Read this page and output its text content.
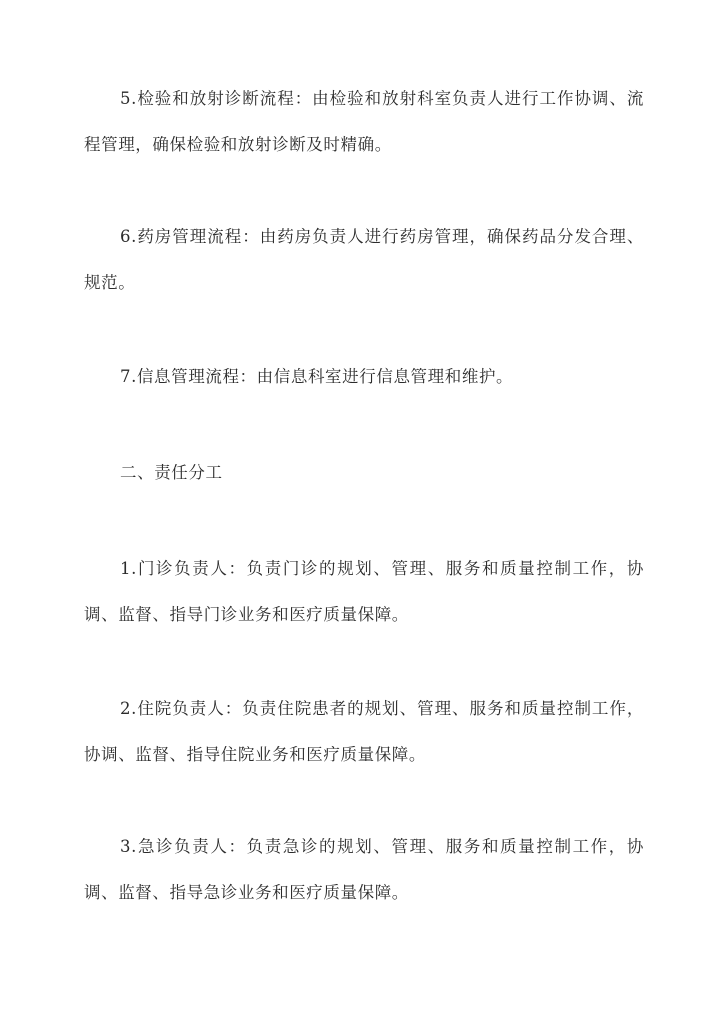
5.检验和放射诊断流程：由检验和放射科室负责人进行工作协调、流程管理，确保检验和放射诊断及时精确。

6.药房管理流程：由药房负责人进行药房管理，确保药品分发合理、规范。

7.信息管理流程：由信息科室进行信息管理和维护。

二、责任分工

1.门诊负责人：负责门诊的规划、管理、服务和质量控制工作，协调、监督、指导门诊业务和医疗质量保障。

2.住院负责人：负责住院患者的规划、管理、服务和质量控制工作，协调、监督、指导住院业务和医疗质量保障。

3.急诊负责人：负责急诊的规划、管理、服务和质量控制工作，协调、监督、指导急诊业务和医疗质量保障。
